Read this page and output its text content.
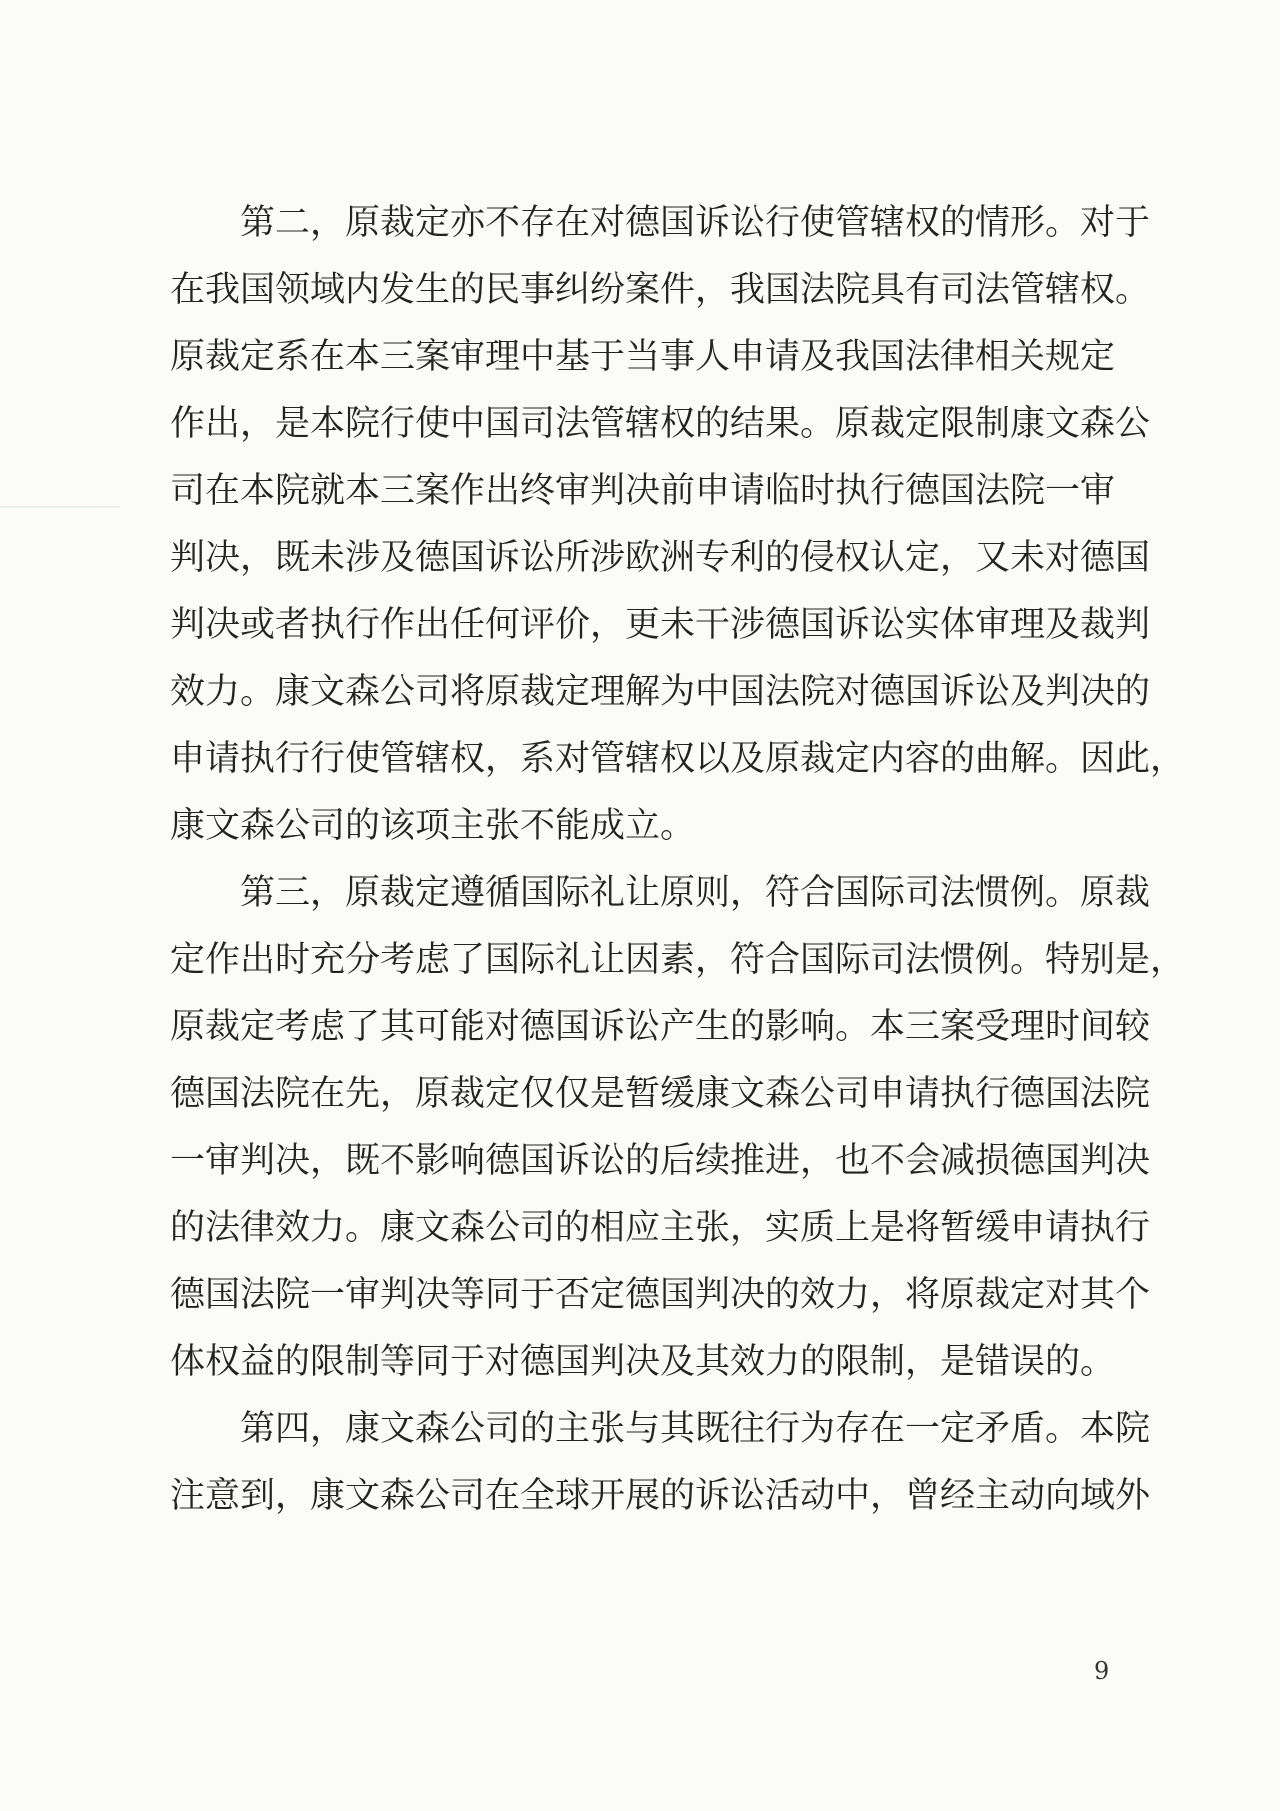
第二，原裁定亦不存在对德国诉讼行使管辖权的情形。对于
在我国领域内发生的民事纠纷案件，我国法院具有司法管辖权。
原裁定系在本三案审理中基于当事人申请及我国法律相关规定
作出，是本院行使中国司法管辖权的结果。原裁定限制康文森公
司在本院就本三案作出终审判决前申请临时执行德国法院一审
判决，既未涉及德国诉讼所涉欧洲专利的侵权认定，又未对德国
判决或者执行作出任何评价，更未干涉德国诉讼实体审理及裁判
效力。康文森公司将原裁定理解为中国法院对德国诉讼及判决的
申请执行行使管辖权，系对管辖权以及原裁定内容的曲解。因此，
康文森公司的该项主张不能成立。
第三，原裁定遵循国际礼让原则，符合国际司法惯例。原裁
定作出时充分考虑了国际礼让因素，符合国际司法惯例。特别是，
原裁定考虑了其可能对德国诉讼产生的影响。本三案受理时间较
德国法院在先，原裁定仅仅是暂缓康文森公司申请执行德国法院
一审判决，既不影响德国诉讼的后续推进，也不会减损德国判决
的法律效力。康文森公司的相应主张，实质上是将暂缓申请执行
德国法院一审判决等同于否定德国判决的效力，将原裁定对其个
体权益的限制等同于对德国判决及其效力的限制，是错误的。
第四，康文森公司的主张与其既往行为存在一定矛盾。本院
注意到，康文森公司在全球开展的诉讼活动中，曾经主动向域外
9
